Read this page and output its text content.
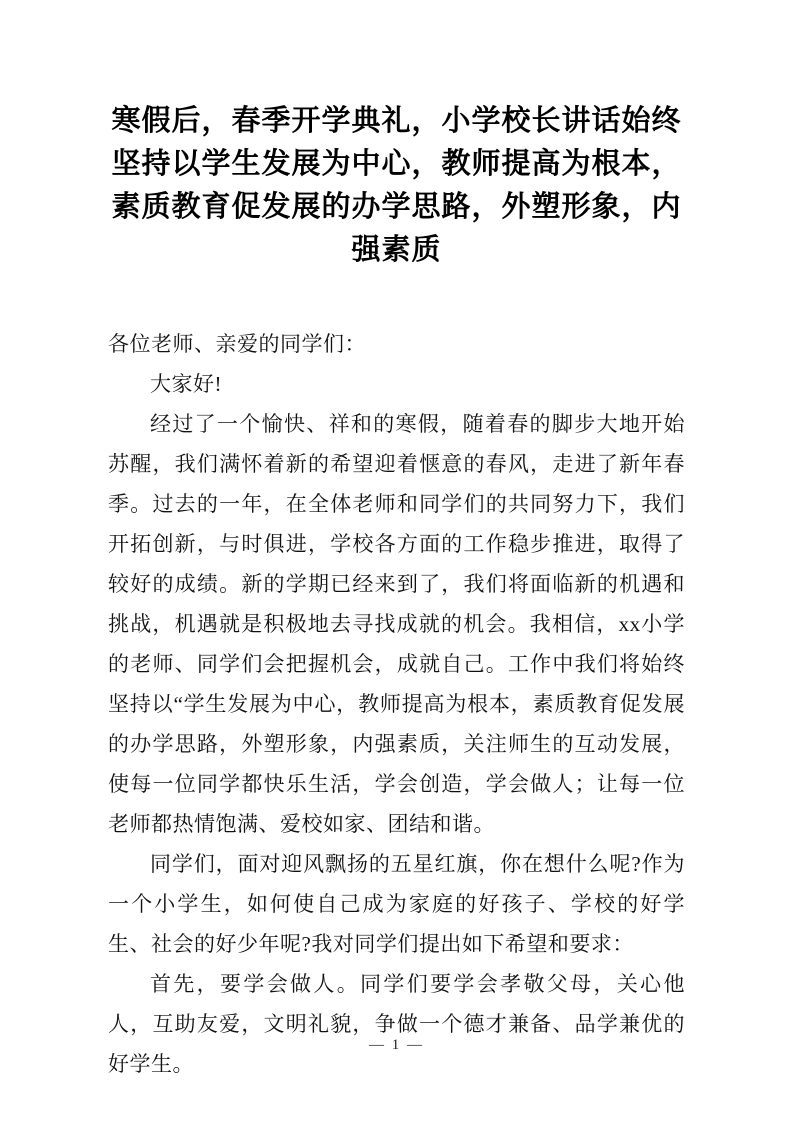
寒假后，春季开学典礼，小学校长讲话始终坚持以学生发展为中心，教师提高为根本，素质教育促发展的办学思路，外塑形象，内强素质

各位老师、亲爱的同学们：

大家好!

经过了一个愉快、祥和的寒假，随着春的脚步大地开始苏醒，我们满怀着新的希望迎着惬意的春风，走进了新年春季。过去的一年，在全体老师和同学们的共同努力下，我们开拓创新，与时俱进，学校各方面的工作稳步推进，取得了较好的成绩。新的学期已经来到了，我们将面临新的机遇和挑战，机遇就是积极地去寻找成就的机会。我相信，xx小学的老师、同学们会把握机会，成就自己。工作中我们将始终坚持以“学生发展为中心，教师提高为根本，素质教育促发展的办学思路，外塑形象，内强素质，关注师生的互动发展，使每一位同学都快乐生活，学会创造，学会做人；让每一位老师都热情饱满、爱校如家、团结和谐。

同学们，面对迎风飘扬的五星红旗，你在想什么呢?作为一个小学生，如何使自己成为家庭的好孩子、学校的好学生、社会的好少年呢?我对同学们提出如下希望和要求：

首先，要学会做人。同学们要学会孝敬父母，关心他人，互助友爱，文明礼貌，争做一个德才兼备、品学兼优的好学生。

— 1 —
